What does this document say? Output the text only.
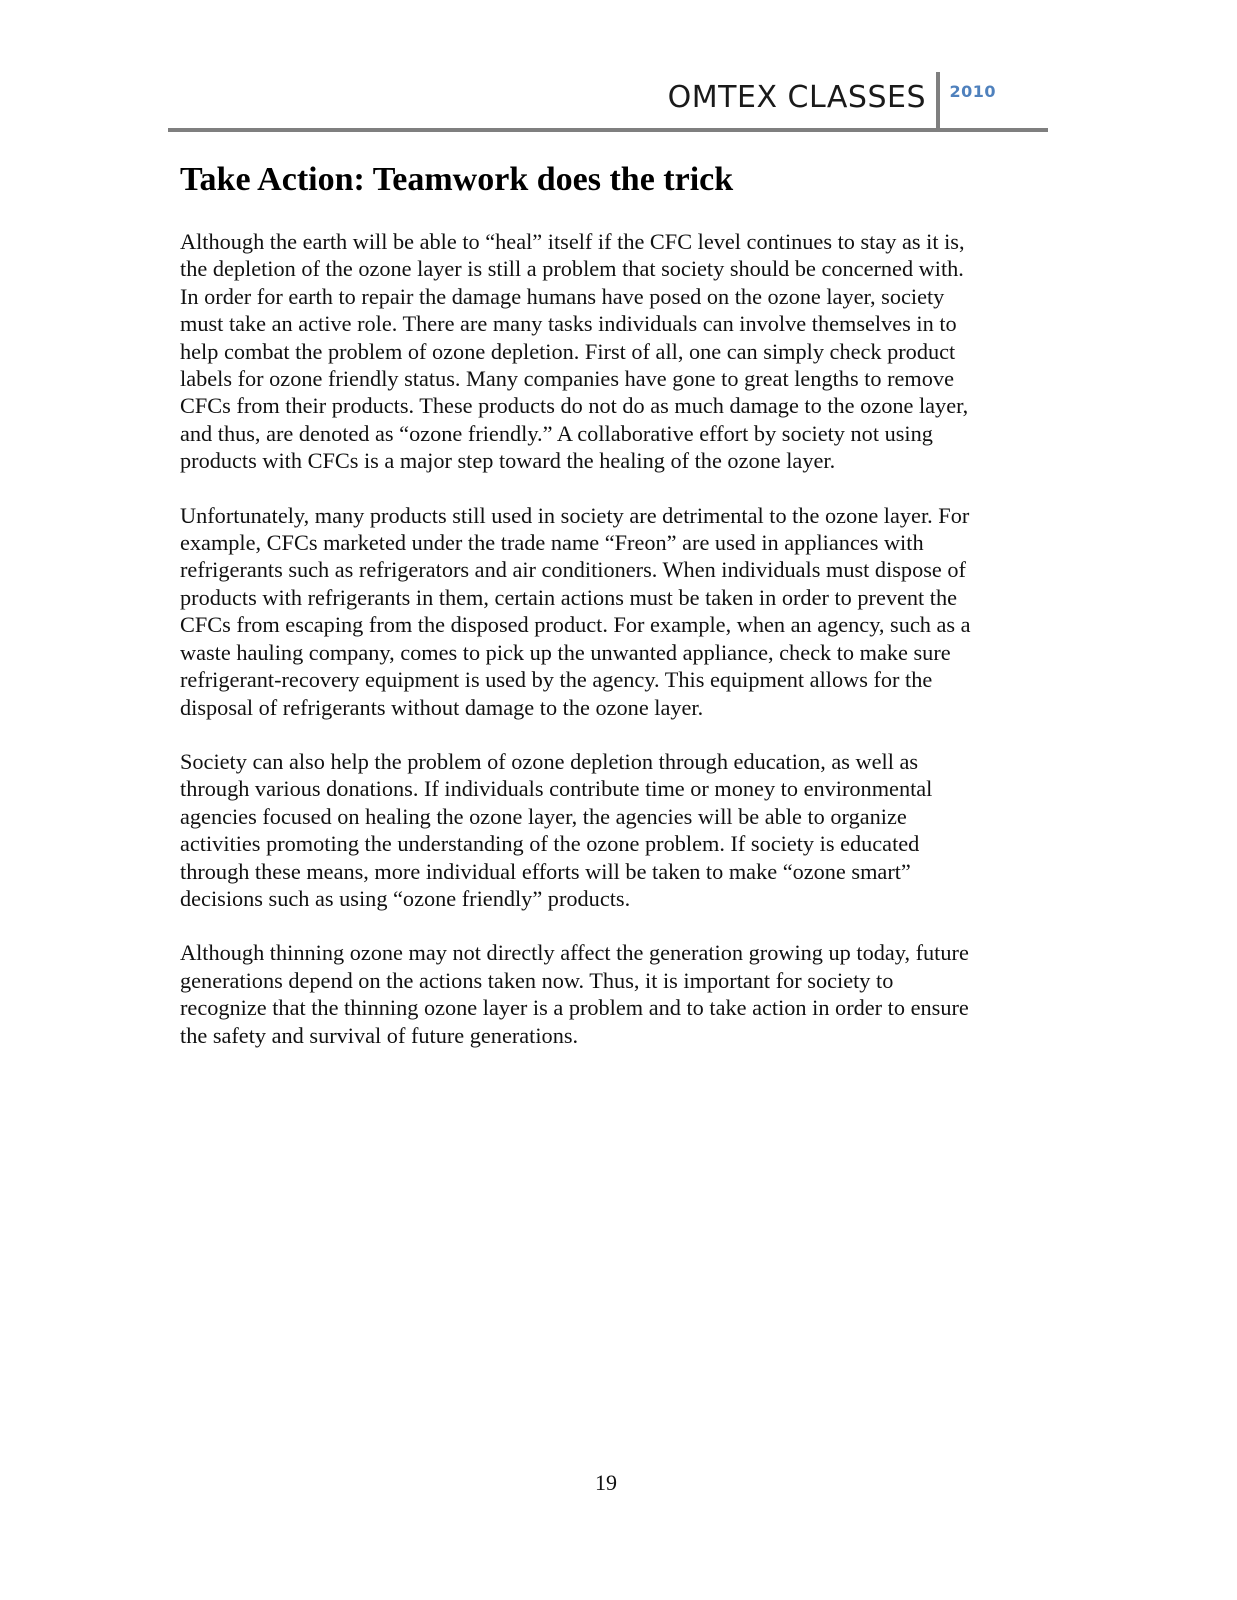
OMTEX CLASSES 2010
Take Action: Teamwork does the trick

Although the earth will be able to “heal” itself if the CFC level continues to stay as it is,
the depletion of the ozone layer is still a problem that society should be concerned with.
In order for earth to repair the damage humans have posed on the ozone layer, society
must take an active role. There are many tasks individuals can involve themselves in to
help combat the problem of ozone depletion. First of all, one can simply check product
labels for ozone friendly status. Many companies have gone to great lengths to remove
CFCs from their products. These products do not do as much damage to the ozone layer,
and thus, are denoted as “ozone friendly.” A collaborative effort by society not using
products with CFCs is a major step toward the healing of the ozone layer.

Unfortunately, many products still used in society are detrimental to the ozone layer. For
example, CFCs marketed under the trade name “Freon” are used in appliances with
refrigerants such as refrigerators and air conditioners. When individuals must dispose of
products with refrigerants in them, certain actions must be taken in order to prevent the
CFCs from escaping from the disposed product. For example, when an agency, such as a
waste hauling company, comes to pick up the unwanted appliance, check to make sure
refrigerant-recovery equipment is used by the agency. This equipment allows for the
disposal of refrigerants without damage to the ozone layer.

Society can also help the problem of ozone depletion through education, as well as
through various donations. If individuals contribute time or money to environmental
agencies focused on healing the ozone layer, the agencies will be able to organize
activities promoting the understanding of the ozone problem. If society is educated
through these means, more individual efforts will be taken to make “ozone smart”
decisions such as using “ozone friendly” products.

Although thinning ozone may not directly affect the generation growing up today, future
generations depend on the actions taken now. Thus, it is important for society to
recognize that the thinning ozone layer is a problem and to take action in order to ensure
the safety and survival of future generations.

19
